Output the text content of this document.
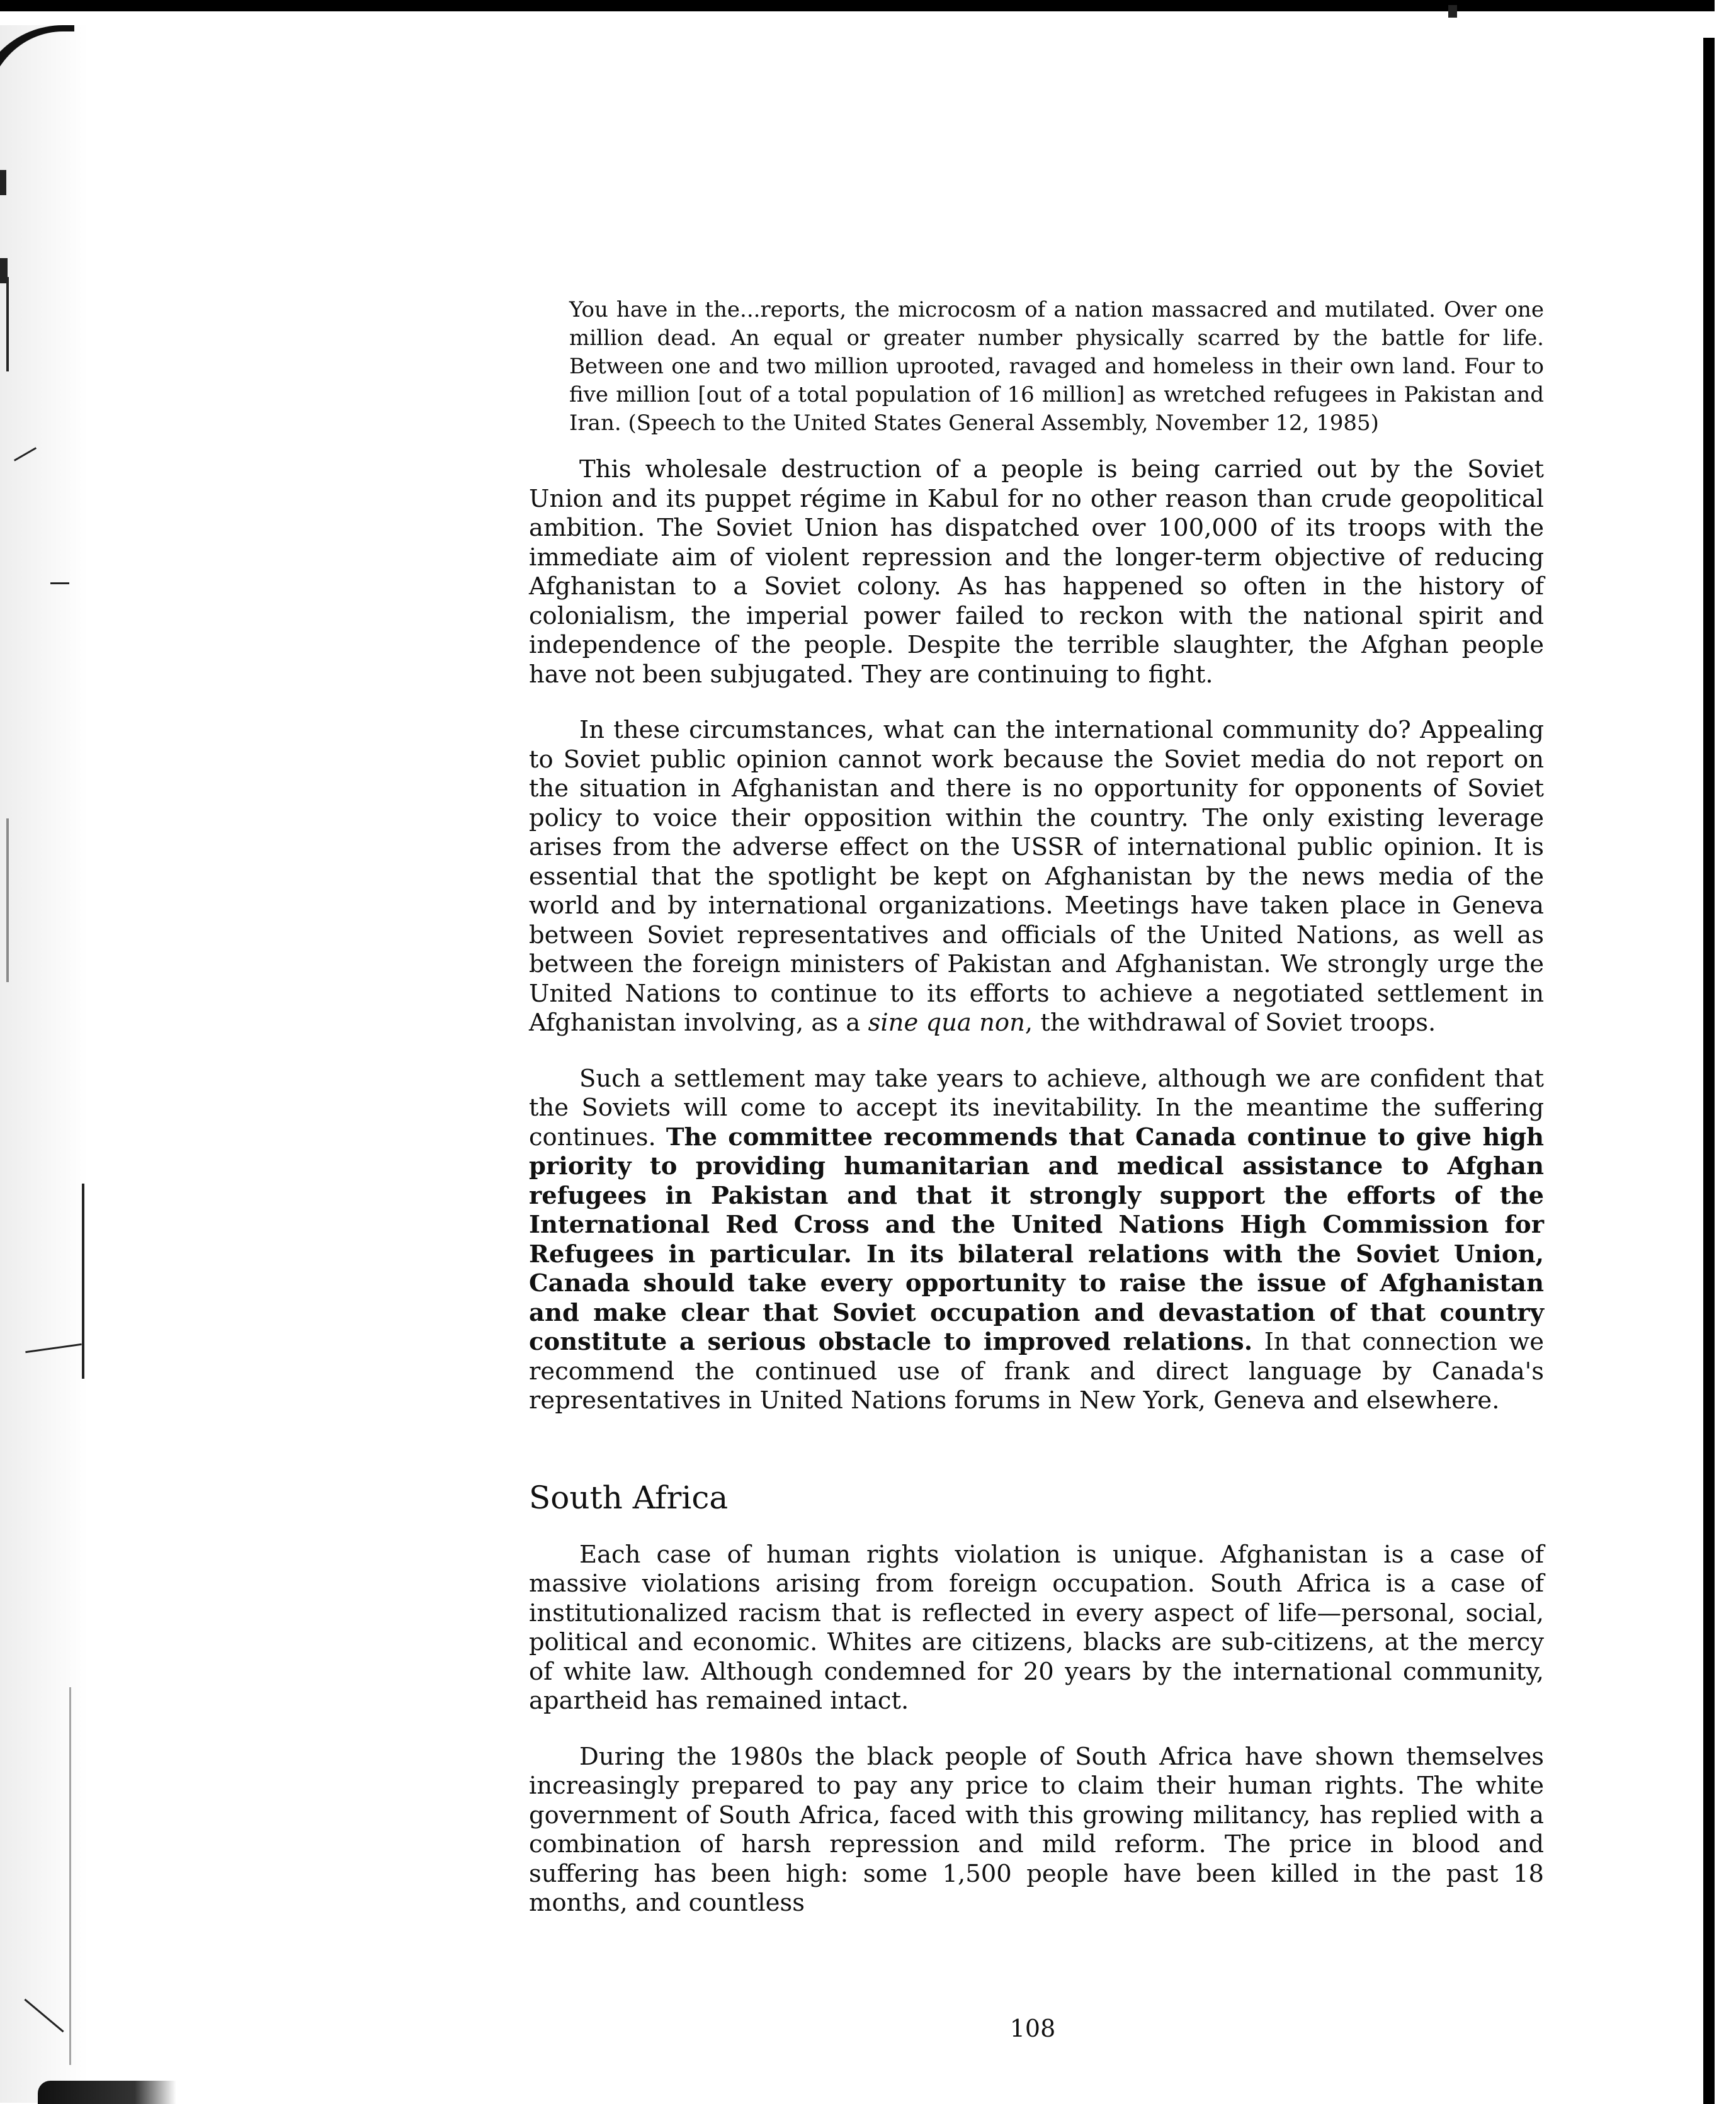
You have in the...reports, the microcosm of a nation massacred and mutilated. Over one million dead. An equal or greater number physically scarred by the battle for life. Between one and two million uprooted, ravaged and homeless in their own land. Four to five million [out of a total population of 16 million] as wretched refugees in Pakistan and Iran. (Speech to the United States General Assembly, November 12, 1985)

This wholesale destruction of a people is being carried out by the Soviet Union and its puppet régime in Kabul for no other reason than crude geopolitical ambition. The Soviet Union has dispatched over 100,000 of its troops with the immediate aim of violent repression and the longer-term objective of reducing Afghanistan to a Soviet colony. As has happened so often in the history of colonialism, the imperial power failed to reckon with the national spirit and independence of the people. Despite the terrible slaughter, the Afghan people have not been subjugated. They are continuing to fight.

In these circumstances, what can the international community do? Appealing to Soviet public opinion cannot work because the Soviet media do not report on the situation in Afghanistan and there is no opportunity for opponents of Soviet policy to voice their opposition within the country. The only existing leverage arises from the adverse effect on the USSR of international public opinion. It is essential that the spotlight be kept on Afghanistan by the news media of the world and by international organizations. Meetings have taken place in Geneva between Soviet representatives and officials of the United Nations, as well as between the foreign ministers of Pakistan and Afghanistan. We strongly urge the United Nations to continue to its efforts to achieve a negotiated settlement in Afghanistan involving, as a sine qua non, the withdrawal of Soviet troops.

Such a settlement may take years to achieve, although we are confident that the Soviets will come to accept its inevitability. In the meantime the suffering continues. The committee recommends that Canada continue to give high priority to providing humanitarian and medical assistance to Afghan refugees in Pakistan and that it strongly support the efforts of the International Red Cross and the United Nations High Commission for Refugees in particular. In its bilateral relations with the Soviet Union, Canada should take every opportunity to raise the issue of Afghanistan and make clear that Soviet occupation and devastation of that country constitute a serious obstacle to improved relations. In that connection we recommend the continued use of frank and direct language by Canada's representatives in United Nations forums in New York, Geneva and elsewhere.

South Africa

Each case of human rights violation is unique. Afghanistan is a case of massive violations arising from foreign occupation. South Africa is a case of institutionalized racism that is reflected in every aspect of life—personal, social, political and economic. Whites are citizens, blacks are sub-citizens, at the mercy of white law. Although condemned for 20 years by the international community, apartheid has remained intact.

During the 1980s the black people of South Africa have shown themselves increasingly prepared to pay any price to claim their human rights. The white government of South Africa, faced with this growing militancy, has replied with a combination of harsh repression and mild reform. The price in blood and suffering has been high: some 1,500 people have been killed in the past 18 months, and countless

108
